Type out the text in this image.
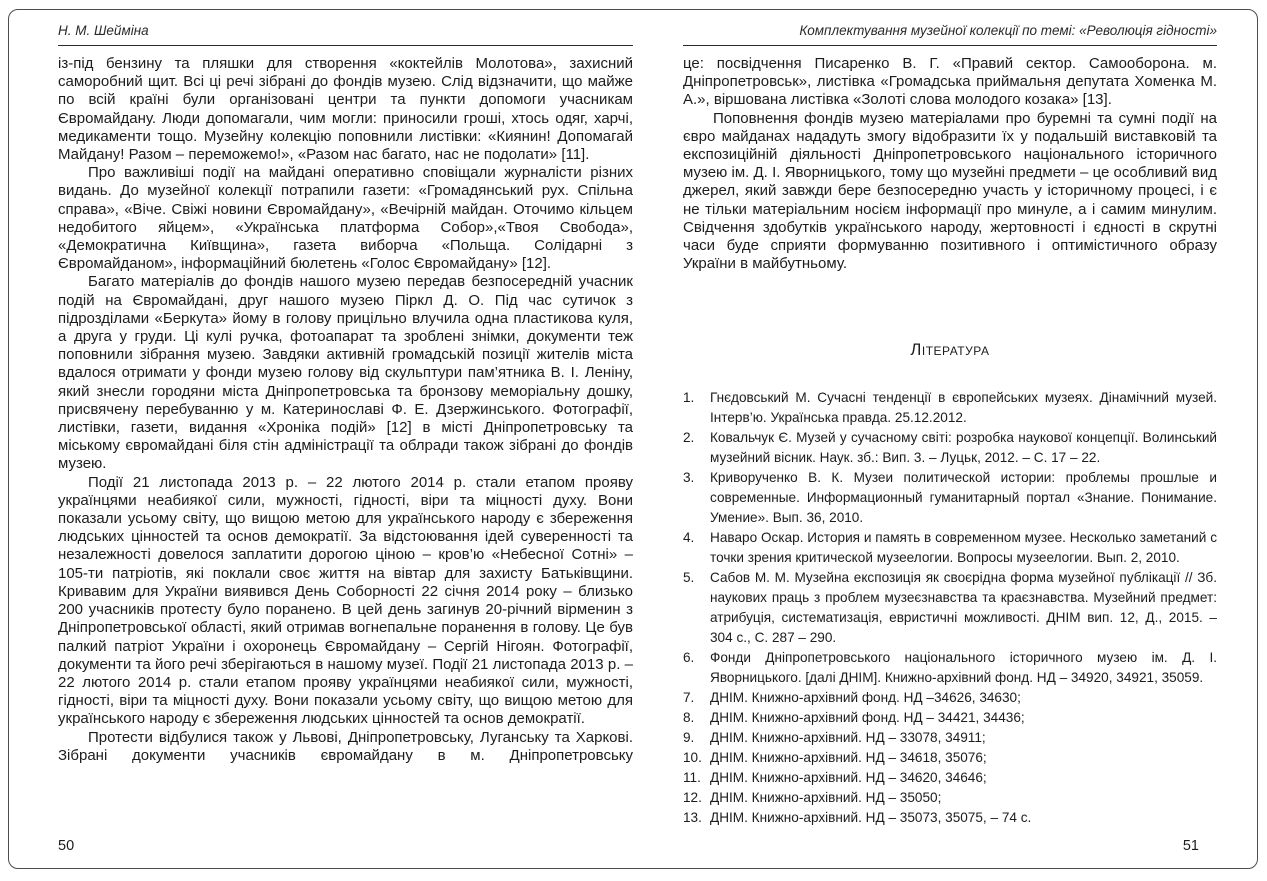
Н. М. Шейміна

із-під бензину та пляшки для створення «коктейлів Молотова», захисний саморобний щит. Всі ці речі зібрані до фондів музею. Слід відзначити, що майже по всій країні були організовані центри та пункти допомоги учасникам Євромайдану. Люди допомагали, чим могли: приносили гроші, хтось одяг, харчі, медикаменти тощо. Музейну колекцію поповнили листівки: «Киянин! Допомагай Майдану! Разом – переможемо!», «Разом нас багато, нас не подолати» [11].

Про важливіші події на майдані оперативно сповіщали журналісти різних видань. До музейної колекції потрапили газети: «Громадянський рух. Спільна справа», «Віче. Свіжі новини Євромайдану», «Вечірній майдан. Оточимо кільцем недобитого яйцем», «Українська платформа Собор»,«Твоя Свобода», «Демократична Київщина», газета виборча «Польща. Солідарні з Євромайданом», інформаційний бюлетень «Голос Євромайдану» [12].

Багато матеріалів до фондів нашого музею передав безпосередній учасник подій на Євромайдані, друг нашого музею Піркл Д. О. Під час сутичок з підрозділами «Беркута» йому в голову прицільно влучила одна пластикова куля, а друга у груди. Ці кулі ручка, фотоапарат та зроблені знімки, документи теж поповнили зібрання музею. Завдяки активній громадській позиції жителів міста вдалося отримати у фонди музею голову від скульптури пам’ятника В. І. Леніну, який знесли городяни міста Дніпропетровська та бронзову меморіальну дошку, присвячену перебуванню у м. Катеринославі Ф. Е. Дзержинського. Фотографії, листівки, газети, видання «Хроніка подій» [12] в місті Дніпропетровську та міському євромайдані біля стін адміністрації та облради також зібрані до фондів музею.

Події 21 листопада 2013 р. – 22 лютого 2014 р. стали етапом прояву українцями неабиякої сили, мужності, гідності, віри та міцності духу. Вони показали усьому світу, що вищою метою для українського народу є збереження людських цінностей та основ демократії. За відстоювання ідей суверенності та незалежності довелося заплатити дорогою ціною – кров’ю «Небесної Сотні» – 105-ти патріотів, які поклали своє життя на вівтар для захисту Батьківщини. Кривавим для України виявився День Соборності 22 січня 2014 року – близько 200 учасників протесту було поранено. В цей день загинув 20-річний вірменин з Дніпропетровської області, який отримав вогнепальне поранення в голову. Це був палкий патріот України і охоронець Євромайдану – Сергій Нігоян. Фотографії, документи та його речі зберігаються в нашому музеї. Події 21 листопада 2013 р. – 22 лютого 2014 р. стали етапом прояву українцями неабиякої сили, мужності, гідності, віри та міцності духу. Вони показали усьому світу, що вищою метою для українського народу є збереження людських цінностей та основ демократії.

Протести відбулися також у Львові, Дніпропетровську, Луганську та Харкові. Зібрані документи учасників євромайдану в м. Дніпропетровську

50
Комплектування музейної колекції по темі: «Революція гідності»

це: посвідчення Писаренко В. Г. «Правий сектор. Самооборона. м. Дніпропетровськ», листівка «Громадська приймальня депутата Хоменка М. А.», віршована листівка «Золоті слова молодого козака» [13].

Поповнення фондів музею матеріалами про буремні та сумні події на євро майданах нададуть змогу відобразити їх у подальшій виставковій та експозиційній діяльності Дніпропетровського національного історичного музею ім. Д. І. Яворницького, тому що музейні предмети – це особливий вид джерел, який завжди бере безпосередню участь у історичному процесі, і є не тільки матеріальним носієм інформації про минуле, а і самим минулим. Свідчення здобутків українського народу, жертовності і єдності в скрутні часи буде сприяти формуванню позитивного і оптимістичного образу України в майбутньому.

Література
1. Гнєдовський М. Сучасні тенденції в європейських музеях. Дінамічний музей. Інтерв’ю. Українська правда. 25.12.2012.
2. Ковальчук Є. Музей у сучасному світі: розробка наукової концепції. Волинський музейний вісник. Наук. зб.: Вип. 3. – Луцьк, 2012. – С. 17 – 22.
3. Криворученко В. К. Музеи политической истории: проблемы прошлые и современные. Информационный гуманитарный портал «Знание. Понимание. Умение». Вып. 36, 2010.
4. Наваро Оскар. История и память в современном музее. Несколько заметаний с точки зрения критической музеелогии. Вопросы музеелогии. Вып. 2, 2010.
5. Сабов М. М. Музейна експозиція як своєрідна форма музейної публікації // Зб. наукових праць з проблем музеєзнавства та краєзнавства. Музейний предмет: атрибуція, систематизація, евристичні можливості. ДНІМ вип. 12, Д., 2015. – 304 с., С. 287 – 290.
6. Фонди Дніпропетровського національного історичного музею ім. Д. І. Яворницького. [далі ДНІМ]. Книжно-архівний фонд. НД – 34920, 34921, 35059.
7. ДНІМ. Книжно-архівний фонд. НД –34626, 34630;
8. ДНІМ. Книжно-архівний фонд. НД – 34421, 34436;
9. ДНІМ. Книжно-архівний. НД – 33078, 34911;
10. ДНІМ. Книжно-архівний. НД – 34618, 35076;
11. ДНІМ. Книжно-архівний. НД – 34620, 34646;
12. ДНІМ. Книжно-архівний. НД – 35050;
13. ДНІМ. Книжно-архівний. НД – 35073, 35075, – 74 с.
51
